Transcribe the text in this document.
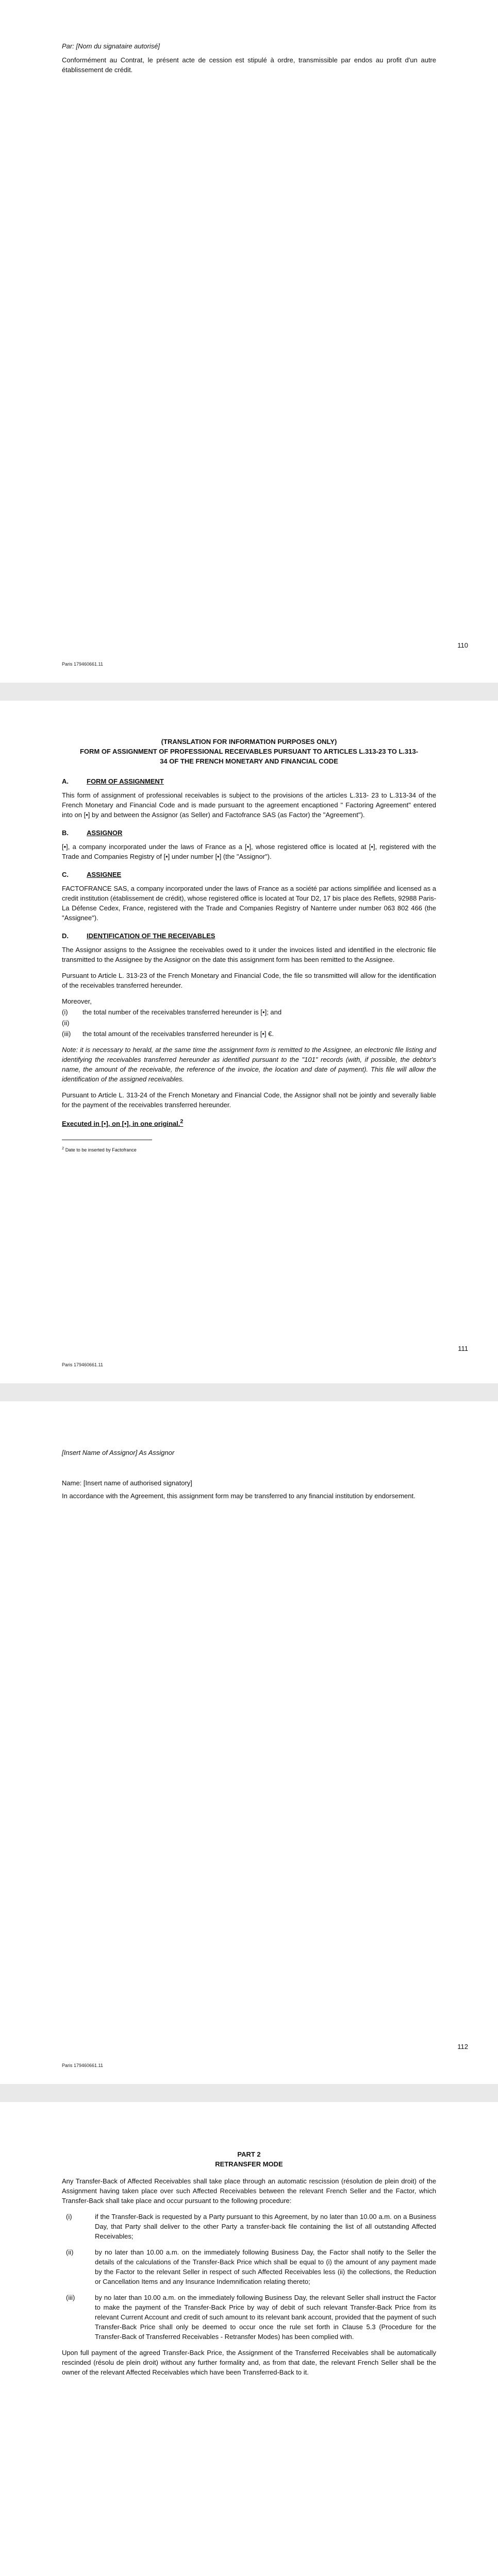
Par: [Nom du signataire autorisé]

Conformément au Contrat, le présent acte de cession est stipulé à ordre, transmissible par endos au profit d'un autre établissement de crédit.

110
Paris 179460661.11
(TRANSLATION FOR INFORMATION PURPOSES ONLY)
FORM OF ASSIGNMENT OF PROFESSIONAL RECEIVABLES PURSUANT TO ARTICLES L.313-23 TO L.313-34 OF THE FRENCH MONETARY AND FINANCIAL CODE
A.	FORM OF ASSIGNMENT

This form of assignment of professional receivables is subject to the provisions of the articles L.313- 23 to L.313-34 of the French Monetary and Financial Code and is made pursuant to the agreement encaptioned " Factoring Agreement" entered into on [•] by and between the Assignor (as Seller) and Factofrance SAS (as Factor) the "Agreement").

B.	ASSIGNOR

[•], a company incorporated under the laws of France as a [•], whose registered office is located at [•], registered with the Trade and Companies Registry of [•] under number [•] (the "Assignor").

C.	ASSIGNEE

FACTOFRANCE SAS, a company incorporated under the laws of France as a société par actions simplifiée and licensed as a credit institution (établissement de crédit), whose registered office is located at Tour D2, 17 bis place des Reflets, 92988 Paris-La Défense Cedex, France, registered with the Trade and Companies Registry of Nanterre under number 063 802 466 (the "Assignee").

D.	IDENTIFICATION OF THE RECEIVABLES

The Assignor assigns to the Assignee the receivables owed to it under the invoices listed and identified in the electronic file transmitted to the Assignee by the Assignor on the date this assignment form has been remitted to the Assignee.

Pursuant to Article L. 313-23 of the French Monetary and Financial Code, the file so transmitted will allow for the identification of the receivables transferred hereunder.

Moreover,
(i)	the total number of the receivables transferred hereunder is [•]; and
(ii)
(iii)	the total amount of the receivables transferred hereunder is [•] €.

Note: it is necessary to herald, at the same time the assignment form is remitted to the Assignee, an electronic file listing and identifying the receivables transferred hereunder as identified pursuant to the "101" records (with, if possible, the debtor's name, the amount of the receivable, the reference of the invoice, the location and date of payment). This file will allow the identification of the assigned receivables.

Pursuant to Article L. 313-24 of the French Monetary and Financial Code, the Assignor shall not be jointly and severally liable for the payment of the receivables transferred hereunder.

Executed in [•], on [•], in one original.$^2$
$^2$ Date to be inserted by Factofrance
111
Paris 179460661.11

[Insert Name of Assignor] As Assignor

Name: [Insert name of authorised signatory]

In accordance with the Agreement, this assignment form may be transferred to any financial institution by endorsement.

112
Paris 179460661.11
PART 2
RETRANSFER MODE

Any Transfer-Back of Affected Receivables shall take place through an automatic rescission (résolution de plein droit) of the Assignment having taken place over such Affected Receivables between the relevant French Seller and the Factor, which Transfer-Back shall take place and occur pursuant to the following procedure:

(i)	if the Transfer-Back is requested by a Party pursuant to this Agreement, by no later than 10.00 a.m. on a Business Day, that Party shall deliver to the other Party a transfer-back file containing the list of all outstanding Affected Receivables;
(ii)	by no later than 10.00 a.m. on the immediately following Business Day, the Factor shall notify to the Seller the details of the calculations of the Transfer-Back Price which shall be equal to (i) the amount of any payment made by the Factor to the relevant Seller in respect of such Affected Receivables less (ii) the collections, the Reduction or Cancellation Items and any Insurance Indemnification relating thereto;
(iii)	by no later than 10.00 a.m. on the immediately following Business Day, the relevant Seller shall instruct the Factor to make the payment of the Transfer-Back Price by way of debit of such relevant Transfer-Back Price from its relevant Current Account and credit of such amount to its relevant bank account, provided that the payment of such Transfer-Back Price shall only be deemed to occur once the rule set forth in Clause 5.3 (Procedure for the Transfer-Back of Transferred Receivables - Retransfer Modes) has been complied with.

Upon full payment of the agreed Transfer-Back Price, the Assignment of the Transferred Receivables shall be automatically rescinded (résolu de plein droit) without any further formality and, as from that date, the relevant French Seller shall be the owner of the relevant Affected Receivables which have been Transferred-Back to it.
